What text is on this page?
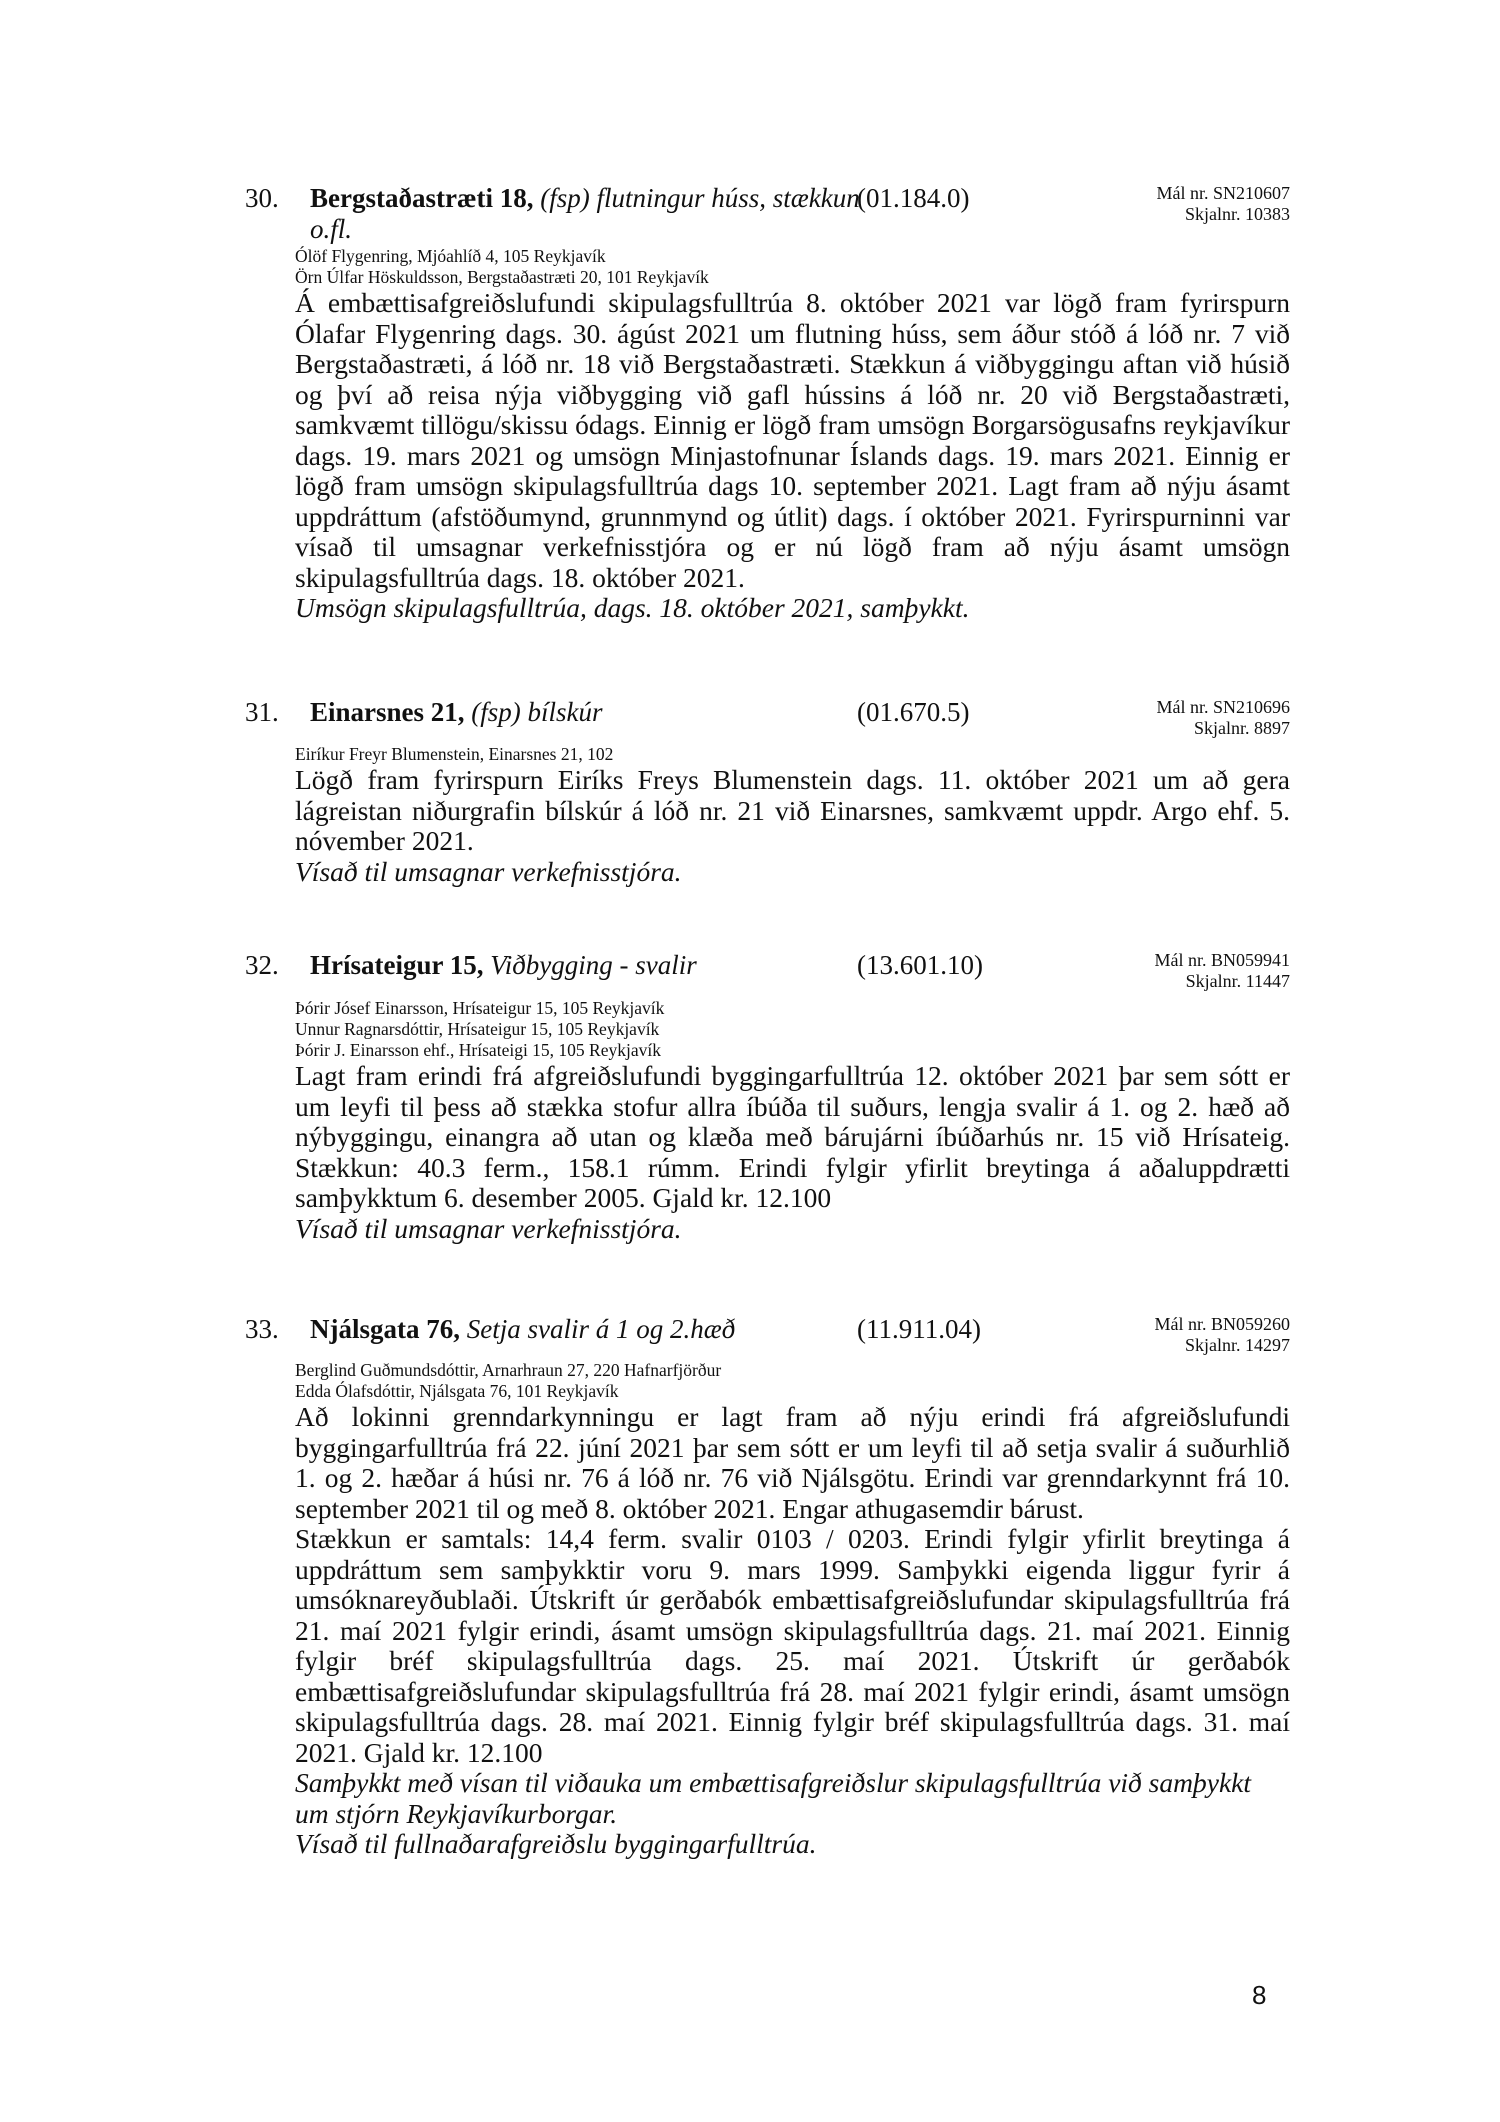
30. Bergstaðastræti 18, (fsp) flutningur húss, stækkun o.fl.
(01.184.0)	Mál nr. SN210607
Skjalnr. 10383
Ólöf Flygenring, Mjóahlíð 4, 105 Reykjavík
Örn Úlfar Höskuldsson, Bergstaðastræti 20, 101 Reykjavík

Á embættisafgreiðslufundi skipulagsfulltrúa 8. október 2021 var lögð fram fyrirspurn Ólafar Flygenring dags. 30. ágúst 2021 um flutning húss, sem áður stóð á lóð nr. 7 við Bergstaðastræti, á lóð nr. 18 við Bergstaðastræti. Stækkun á viðbyggingu aftan við húsið og því að reisa nýja viðbygging við gafl hússins á lóð nr. 20 við Bergstaðastræti, samkvæmt tillögu/skissu ódags. Einnig er lögð fram umsögn Borgarsögusafns reykjavíkur dags. 19. mars 2021 og umsögn Minjastofnunar Íslands dags. 19. mars 2021. Einnig er lögð fram umsögn skipulagsfulltrúa dags 10. september 2021. Lagt fram að nýju ásamt uppdráttum (afstöðumynd, grunnmynd og útlit) dags. í október 2021. Fyrirspurninni var vísað til umsagnar verkefnisstjóra og er nú lögð fram að nýju ásamt umsögn skipulagsfulltrúa dags. 18. október 2021.

Umsögn skipulagsfulltrúa, dags. 18. október 2021, samþykkt.

31. Einarsnes 21, (fsp) bílskúr	(01.670.5)	Mál nr. SN210696
Skjalnr. 8897
Eiríkur Freyr Blumenstein, Einarsnes 21, 102

Lögð fram fyrirspurn Eiríks Freys Blumenstein dags. 11. október 2021 um að gera lágreistan niðurgrafin bílskúr á lóð nr. 21 við Einarsnes, samkvæmt uppdr. Argo ehf. 5. nóvember 2021.

Vísað til umsagnar verkefnisstjóra.

32. Hrísateigur 15, Viðbygging - svalir	(13.601.10)	Mál nr. BN059941
Skjalnr. 11447
Þórir Jósef Einarsson, Hrísateigur 15, 105 Reykjavík
Unnur Ragnarsdóttir, Hrísateigur 15, 105 Reykjavík
Þórir J. Einarsson ehf., Hrísateigi 15, 105 Reykjavík

Lagt fram erindi frá afgreiðslufundi byggingarfulltrúa 12. október 2021 þar sem sótt er um leyfi til þess að stækka stofur allra íbúða til suðurs, lengja svalir á 1. og 2. hæð að nýbyggingu, einangra að utan og klæða með bárujárni íbúðarhús nr. 15 við Hrísateig. Stækkun: 40.3 ferm., 158.1 rúmm. Erindi fylgir yfirlit breytinga á aðaluppdrætti samþykktum 6. desember 2005. Gjald kr. 12.100

Vísað til umsagnar verkefnisstjóra.

33. Njálsgata 76, Setja svalir á 1 og 2.hæð	(11.911.04)	Mál nr. BN059260
Skjalnr. 14297
Berglind Guðmundsdóttir, Arnarhraun 27, 220 Hafnarfjörður
Edda Ólafsdóttir, Njálsgata 76, 101 Reykjavík

Að lokinni grenndarkynningu er lagt fram að nýju erindi frá afgreiðslufundi byggingarfulltrúa frá 22. júní 2021 þar sem sótt er um leyfi til að setja svalir á suðurhlið 1. og 2. hæðar á húsi nr. 76 á lóð nr. 76 við Njálsgötu. Erindi var grenndarkynnt frá 10. september 2021 til og með 8. október 2021. Engar athugasemdir bárust.

Stækkun er samtals: 14,4 ferm. svalir 0103 / 0203. Erindi fylgir yfirlit breytinga á uppdráttum sem samþykktir voru 9. mars 1999. Samþykki eigenda liggur fyrir á umsóknareyðublaði. Útskrift úr gerðabók embættisafgreiðslufundar skipulagsfulltrúa frá 21. maí 2021 fylgir erindi, ásamt umsögn skipulagsfulltrúa dags. 21. maí 2021. Einnig fylgir bréf skipulagsfulltrúa dags. 25. maí 2021. Útskrift úr gerðabók embættisafgreiðslufundar skipulagsfulltrúa frá 28. maí 2021 fylgir erindi, ásamt umsögn skipulagsfulltrúa dags. 28. maí 2021. Einnig fylgir bréf skipulagsfulltrúa dags. 31. maí 2021. Gjald kr. 12.100

Samþykkt með vísan til viðauka um embættisafgreiðslur skipulagsfulltrúa við samþykkt um stjórn Reykjavíkurborgar.

Vísað til fullnaðarafgreiðslu byggingarfulltrúa.

8
